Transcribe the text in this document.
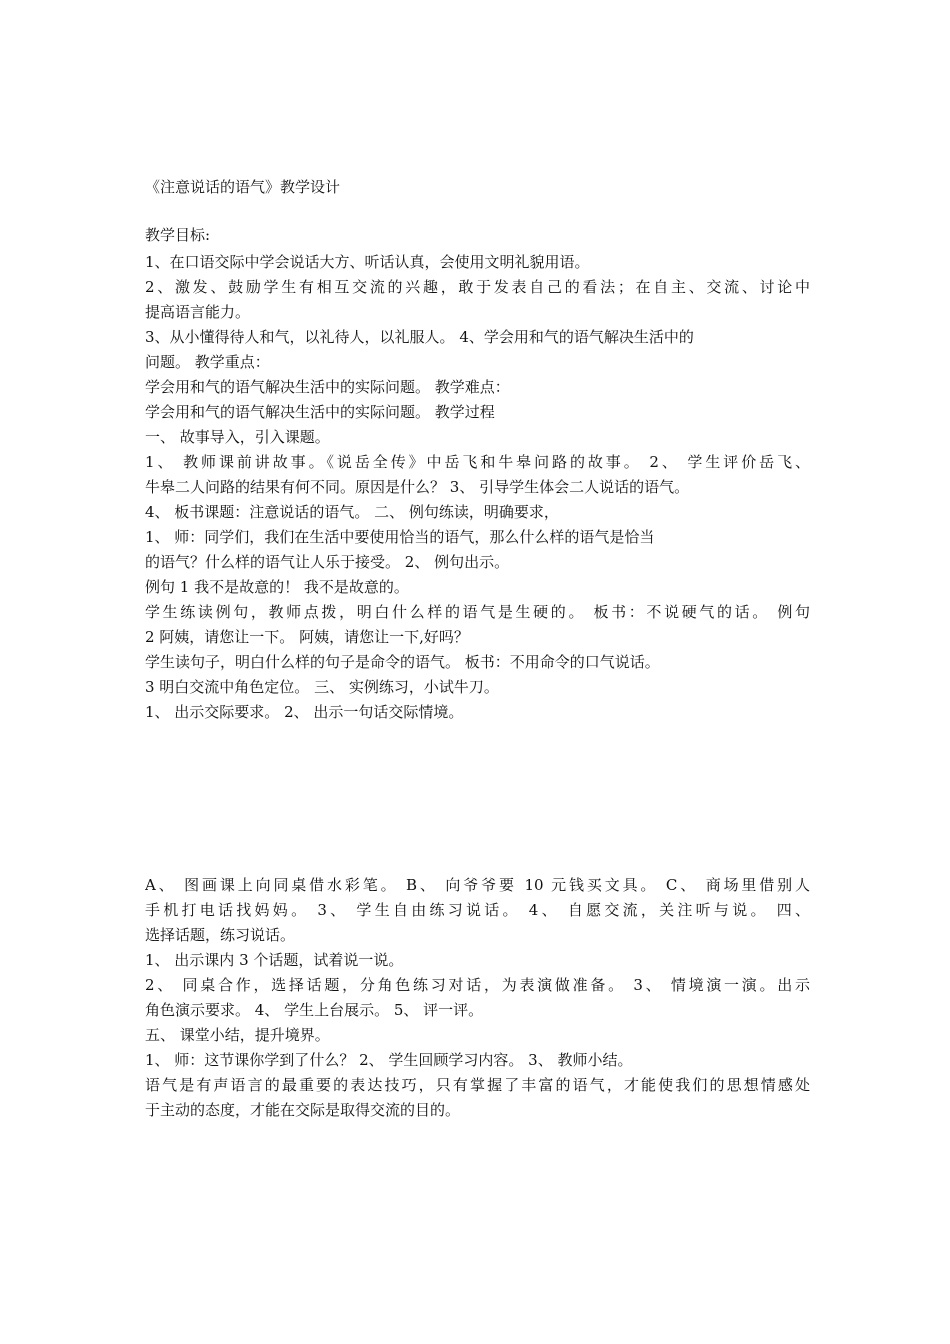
《注意说话的语气》教学设计
教学目标:
1、在口语交际中学会说话大方、听话认真，会使用文明礼貌用语。
2、激发、鼓励学生有相互交流的兴趣，敢于发表自己的看法；在自主、交流、讨论中
提高语言能力。
3、从小懂得待人和气，以礼待人，以礼服人。 4、学会用和气的语气解决生活中的
问题。 教学重点：
学会用和气的语气解决生活中的实际问题。 教学难点：
学会用和气的语气解决生活中的实际问题。 教学过程
一、 故事导入，引入课题。
1、 教师课前讲故事。《说岳全传》中岳飞和牛皋问路的故事。 2、 学生评价岳飞、
牛皋二人问路的结果有何不同。原因是什么？ 3、 引导学生体会二人说话的语气。
4、 板书课题：注意说话的语气。 二、 例句练读，明确要求，
1、 师：同学们，我们在生活中要使用恰当的语气，那么什么样的语气是恰当
的语气？什么样的语气让人乐于接受。 2、 例句出示。
例句 1 我不是故意的！ 我不是故意的。
学生练读例句，教师点拨，明白什么样的语气是生硬的。 板书：不说硬气的话。 例句
2 阿姨，请您让一下。 阿姨，请您让一下,好吗？
学生读句子，明白什么样的句子是命令的语气。 板书：不用命令的口气说话。
3 明白交流中角色定位。 三、 实例练习，小试牛刀。
1、 出示交际要求。 2、 出示一句话交际情境。
A、 图画课上向同桌借水彩笔。 B、 向爷爷要 10 元钱买文具。 C、 商场里借别人
手机打电话找妈妈。 3、 学生自由练习说话。 4、 自愿交流，关注听与说。 四、
选择话题，练习说话。
1、 出示课内 3 个话题，试着说一说。
2、 同桌合作，选择话题，分角色练习对话，为表演做准备。 3、 情境演一演。出示
角色演示要求。 4、 学生上台展示。 5、 评一评。
五、 课堂小结，提升境界。
1、 师：这节课你学到了什么？ 2、 学生回顾学习内容。 3、 教师小结。
语气是有声语言的最重要的表达技巧，只有掌握了丰富的语气，才能使我们的思想情感处
于主动的态度，才能在交际是取得交流的目的。
